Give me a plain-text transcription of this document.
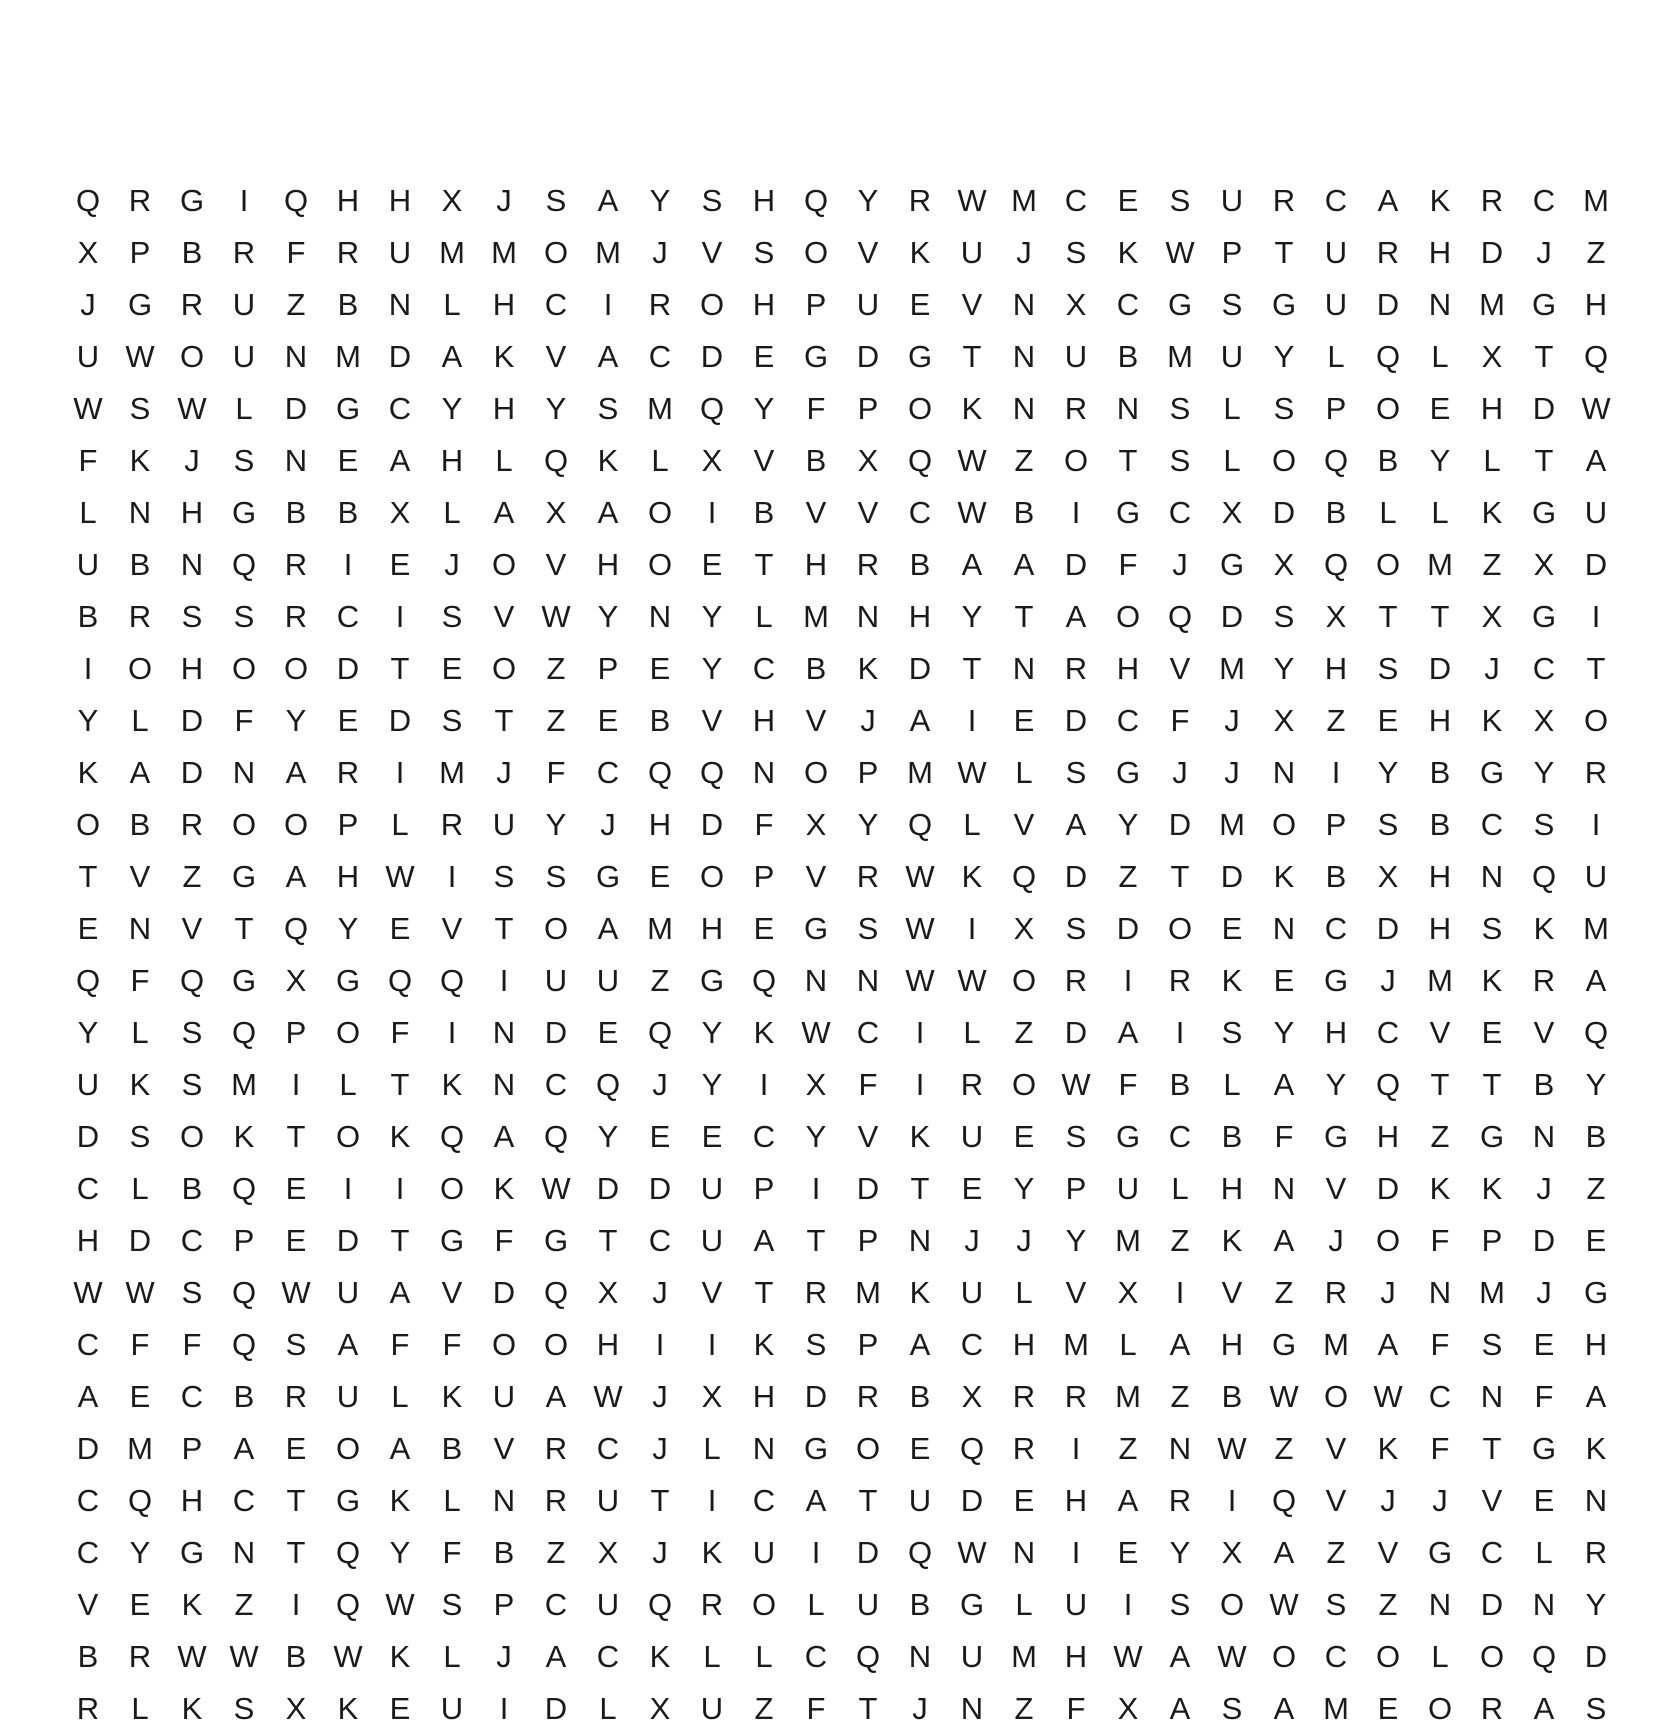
Q R G	I	Q H H X	J	S	A	Y	S H Q Y R W M C E	S U R C A	K R C M
X	P	B R	F	R U M M O M	J	V	S O V	K U	J	S	K W P	T	U R H D	J	Z
J	G R U	Z	B N	L	H C	I	R O H P U E	V N X C G S G U D N M G H
U W O U N M D A	K	V	A C D E G D G T	N U B M U Y	L	Q	L	X	T Q
W S W L	D G C Y H Y	S M Q Y	F	P O K N R N S	L	S	P O E H D W
F	K	J	S N E	A H	L	Q K	L	X	V	B	X Q W Z O T	S	L	O Q B	Y	L	T	A
L	N H G B	B	X	L	A	X	A O	I	B	V	V C W B	I	G C X D B	L	L	K G U
U B N Q R	I	E	J	O V H O E	T	H R B	A	A D	F	J	G X Q O M Z	X D
B R S	S R C	I	S	V W Y N Y	L M N H Y	T	A O Q D S	X	T	T	X G	I
I	O H O O D	T	E O Z	P	E	Y C B	K D	T	N R H V M Y H S D	J	C	T
Y	L	D	F	Y	E D S	T	Z	E	B	V H V	J	A	I	E D C	F	J	X	Z	E H K	X O
K	A D N A R	I	M	J	F	C Q Q N O P M W L	S G	J	J	N	I	Y	B G Y R
O B R O O P	L	R U Y	J	H D	F	X	Y Q	L	V	A	Y D M O P	S	B C S	I
T	V	Z G A H W	I	S	S G E O P	V R W K Q D	Z	T	D K	B	X H N Q U
E N V	T Q Y	E	V	T O A M H E G S W	I	X	S D O E N C D H S	K M
Q F Q G X G Q Q	I	U U	Z G Q N N W W O R	I	R K	E G	J	M K R A
Y	L	S Q P O F	I	N D E Q Y	K W C	I	L	Z	D A	I	S	Y H C V	E	V Q
U K	S M	I	L	T	K N C Q	J	Y	I	X	F	I	R O W F	B	L	A	Y Q T	T	B	Y
D S O K	T O K Q A Q Y	E	E C Y	V	K U E	S G C B	F G H	Z G N B
C	L	B Q E	I	I	O K W D D U P	I	D	T	E	Y	P U	L	H N V D K	K	J	Z
H D C P	E D	T G F G T	C U A	T	P N	J	J	Y M Z	K	A	J	O F	P D E
W W S Q W U A	V D Q X	J	V	T	R M K U	L	V	X	I	V	Z	R	J	N M	J	G
C	F	F Q S	A	F	F O O H	I	I	K	S	P	A C H M L	A H G M A	F	S	E H
A	E C B R U	L	K U A W J	X H D R B	X R R M Z	B W O W C N	F	A
D M P	A	E O A	B	V R C	J	L	N G O E Q R	I	Z	N W Z	V	K	F	T G K
C Q H C	T G K	L	N R U	T	I	C A	T	U D E H A R	I	Q V	J	J	V	E N
C Y G N	T Q Y	F	B	Z	X	J	K U	I	D Q W N	I	E	Y	X	A	Z	V G C	L	R
V	E	K	Z	I	Q W S	P C U Q R O	L	U B G	L	U	I	S O W S	Z	N D N Y
B R W W B W K	L	J	A C K	L	L	C Q N U M H W A W O C O	L	O Q D
R	L	K	S	X	K	E U	I	D	L	X U	Z	F	T	J	N	Z	F	X	A	S	A M E O R A	S
